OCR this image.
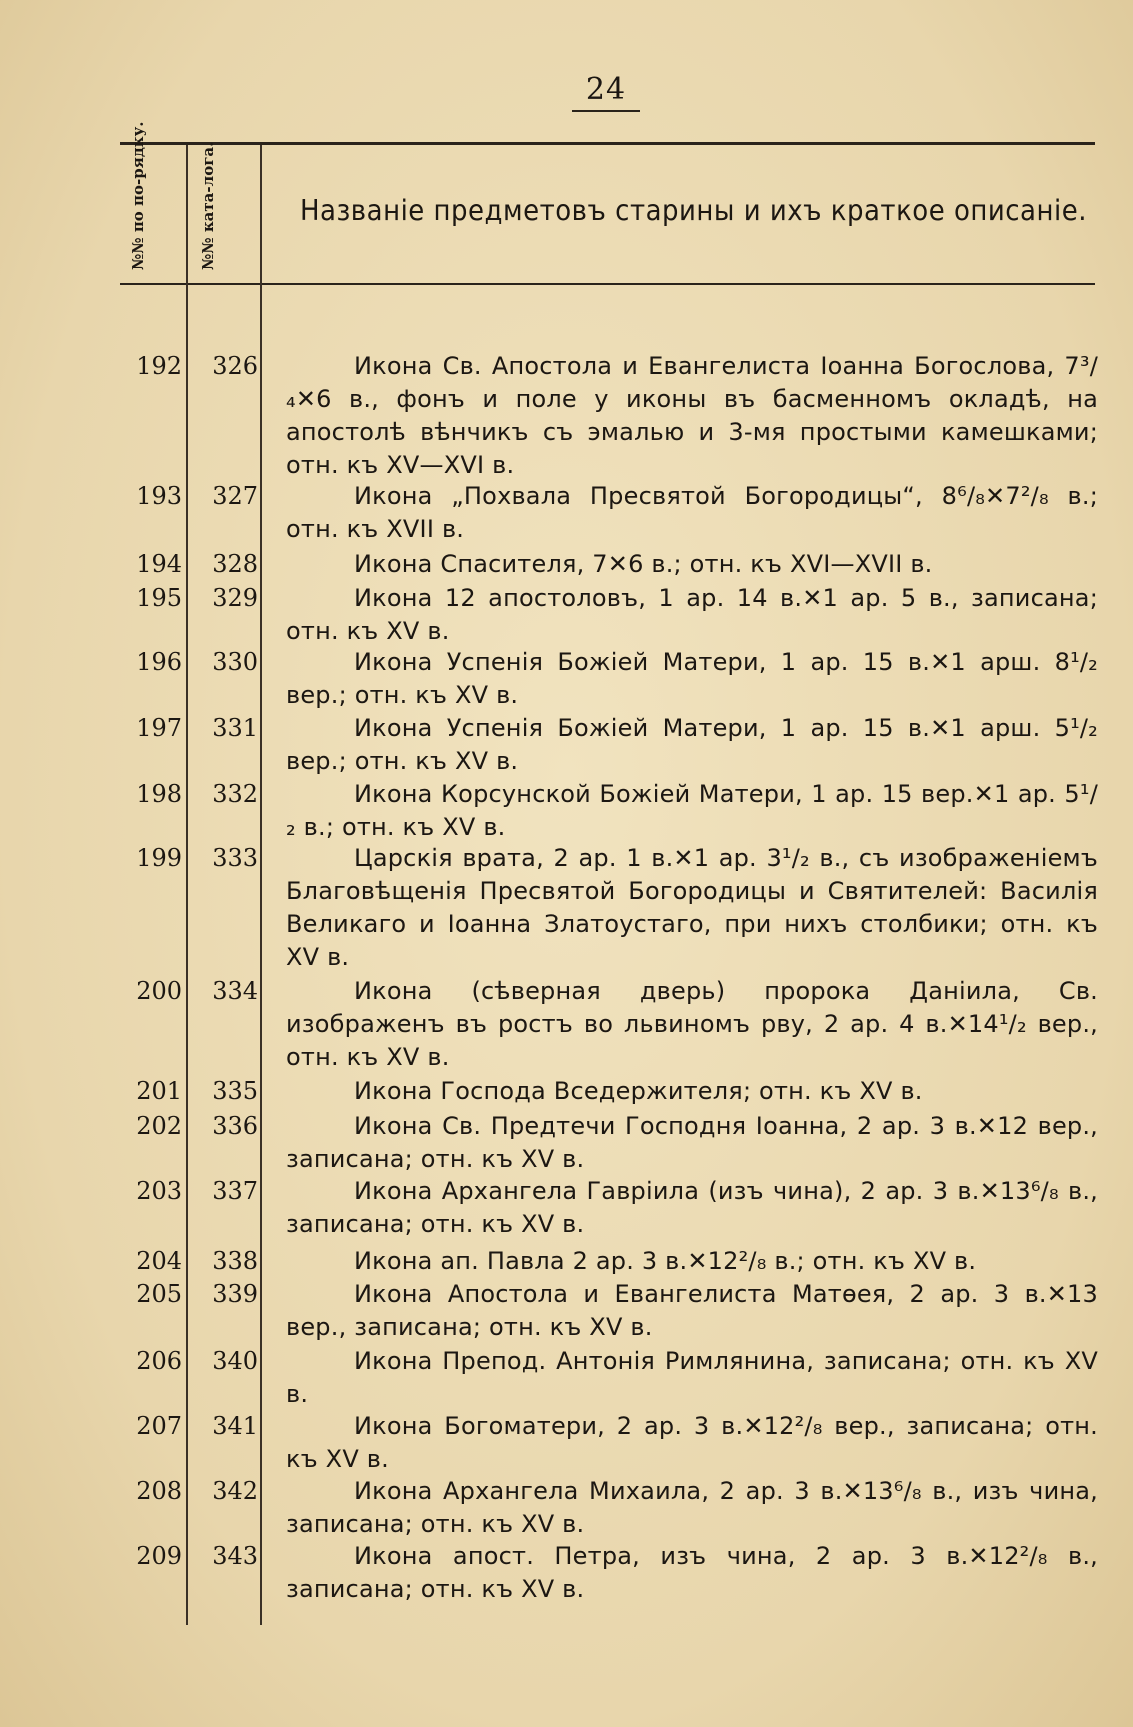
24
№№ по по-рядку.	№№ ката-лога.	Названіе предметовъ старины и ихъ краткое описаніе.
192	326	Икона Св. Апостола и Евангелиста Іоанна Богослова, 7³/₄✕6 в., фонъ и поле у иконы въ басменномъ окладѣ, на апостолѣ вѣнчикъ съ эмалью и 3-мя простыми камешками; отн. къ XV—XVI в.
193	327	Икона „Похвала Пресвятой Богородицы“, 8⁶/₈✕7²/₈ в.; отн. къ XVII в.
194	328	Икона Спасителя, 7✕6 в.; отн. къ XVI—XVII в.
195	329	Икона 12 апостоловъ, 1 ар. 14 в.✕1 ар. 5 в., записана; отн. къ XV в.
196	330	Икона Успенія Божіей Матери, 1 ар. 15 в.✕1 арш. 8¹/₂ вер.; отн. къ XV в.
197	331	Икона Успенія Божіей Матери, 1 ар. 15 в.✕1 арш. 5¹/₂ вер.; отн. къ XV в.
198	332	Икона Корсунской Божіей Матери, 1 ар. 15 вер.✕1 ар. 5¹/₂ в.; отн. къ XV в.
199	333	Царскія врата, 2 ар. 1 в.✕1 ар. 3¹/₂ в., съ изображеніемъ Благовѣщенія Пресвятой Богородицы и Святителей: Василія Великаго и Іоанна Златоустаго, при нихъ столбики; отн. къ XV в.
200	334	Икона (сѣверная дверь) пророка Даніила, Св. изображенъ въ ростъ во львиномъ рву, 2 ар. 4 в.✕14¹/₂ вер., отн. къ XV в.
201	335	Икона Господа Вседержителя; отн. къ XV в.
202	336	Икона Св. Предтечи Господня Іоанна, 2 ар. 3 в.✕12 вер., записана; отн. къ XV в.
203	337	Икона Архангела Гавріила (изъ чина), 2 ар. 3 в.✕13⁶/₈ в., записана; отн. къ XV в.
204	338	Икона ап. Павла 2 ар. 3 в.✕12²/₈ в.; отн. къ XV в.
205	339	Икона Апостола и Евангелиста Матѳея, 2 ар. 3 в.✕13 вер., записана; отн. къ XV в.
206	340	Икона Препод. Антонія Римлянина, записана; отн. къ XV в.
207	341	Икона Богоматери, 2 ар. 3 в.✕12²/₈ вер., записана; отн. къ XV в.
208	342	Икона Архангела Михаила, 2 ар. 3 в.✕13⁶/₈ в., изъ чина, записана; отн. къ XV в.
209	343	Икона апост. Петра, изъ чина, 2 ар. 3 в.✕12²/₈ в., записана; отн. къ XV в.
